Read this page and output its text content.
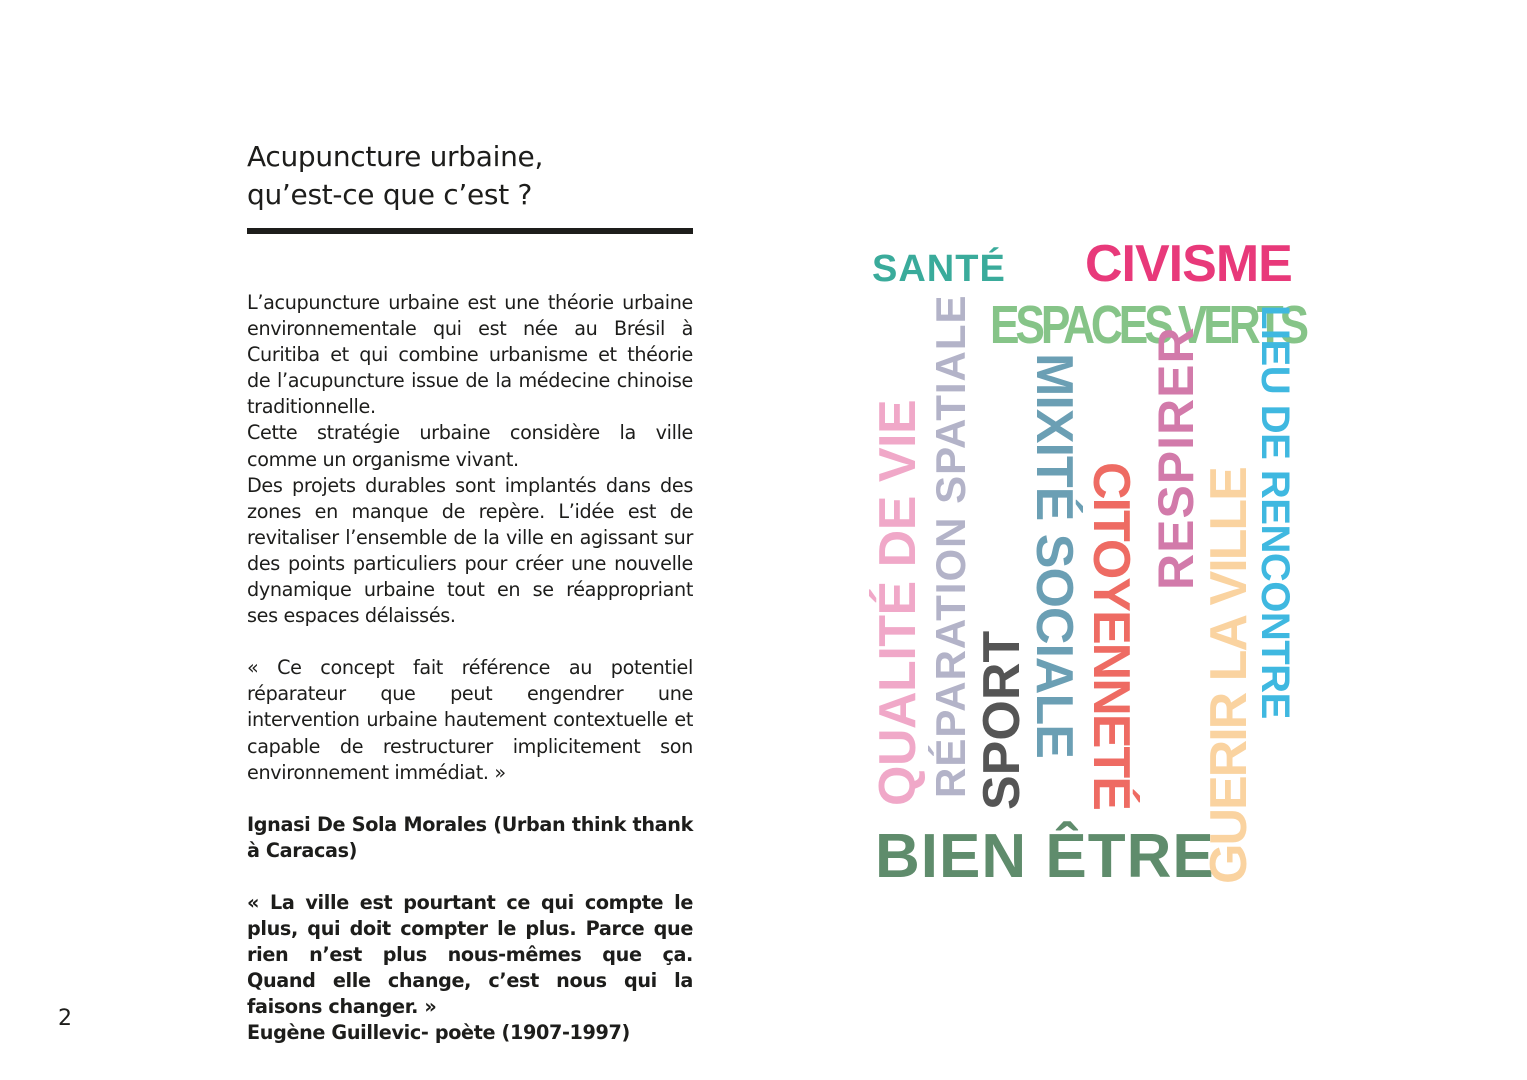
Acupuncture urbaine,
qu’est-ce que c’est ?

L’acupuncture urbaine est une théorie urbaine environnementale qui est née au Brésil à Curitiba et qui combine urbanisme et théorie de l’acupuncture issue de la médecine chinoise traditionnelle.

Cette stratégie urbaine considère la ville comme un organisme vivant.

Des projets durables sont implantés dans des zones en manque de repère. L’idée est de revitaliser l’ensemble de la ville en agissant sur des points particuliers pour créer une nouvelle dynamique urbaine tout en se réappropriant ses espaces délaissés.

« Ce concept fait référence au potentiel réparateur que peut engendrer une intervention urbaine hautement contextuelle et capable de restructurer implicitement son environnement immédiat. »

Ignasi De Sola Morales (Urban think thank à Caracas)

« La ville est pourtant ce qui compte le plus, qui doit compter le plus. Parce que rien n’est plus nous-mêmes que ça. Quand elle change, c’est nous qui la faisons changer. »

Eugène Guillevic- poète (1907-1997)

2
SANTÉ CIVISME
ESPACES VERTS
BIEN ÊTRE
LIEU DE RENCONTRE
MIXITÉ SOCIALE CITOYENNETÉ
RÉPARATION SPATIALE	RESPIRER
QUALITÉ DE VIE SPORT	GUERIR LA VILLE
